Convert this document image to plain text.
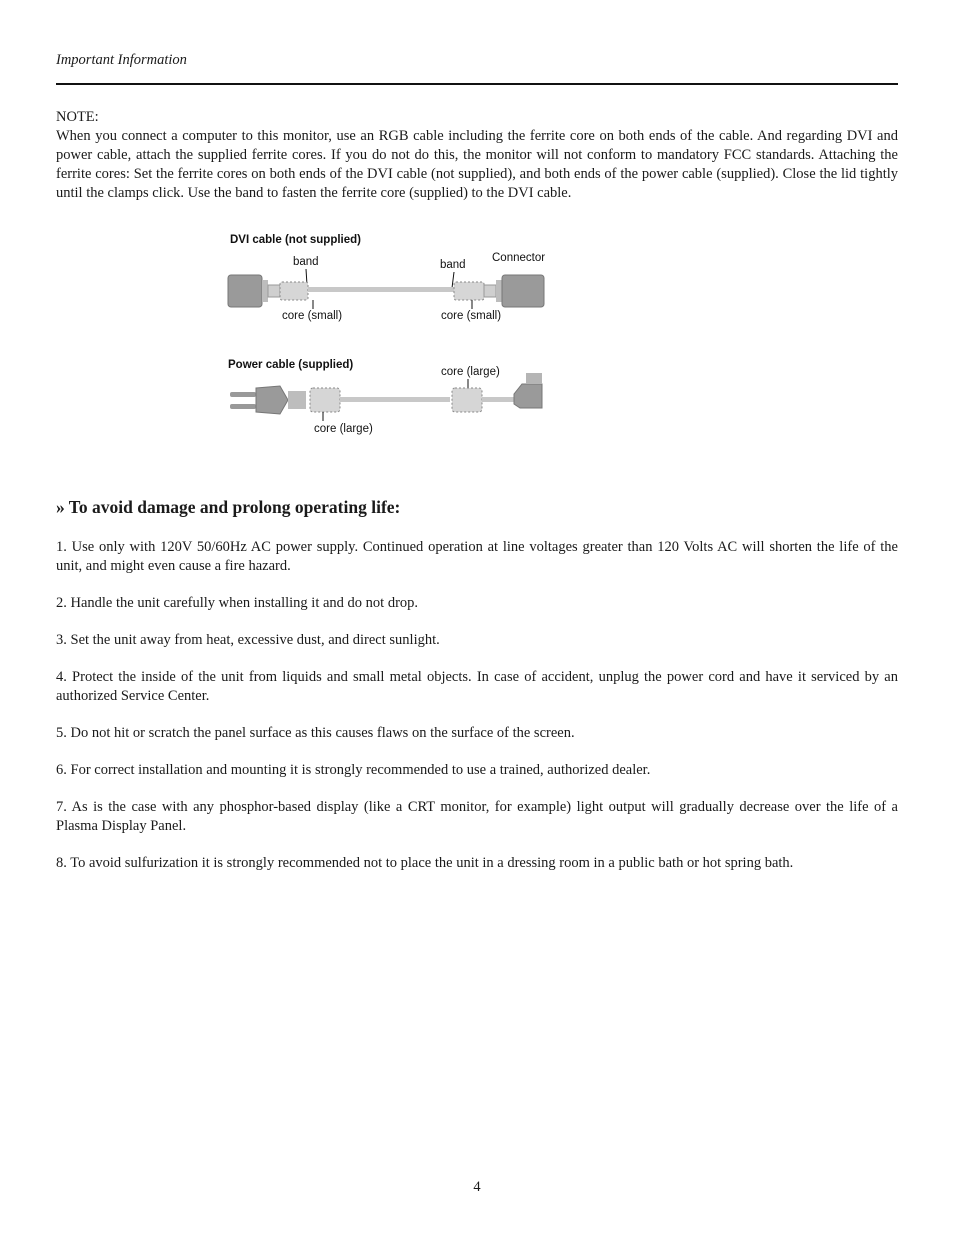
Important Information

NOTE:

When you connect a computer to this monitor, use an RGB cable including the ferrite core on both ends of the cable. And regarding DVI and power cable, attach the supplied ferrite cores. If you do not do this, the monitor will not conform to mandatory FCC standards. Attaching the ferrite cores: Set the ferrite cores on both ends of the DVI cable (not supplied), and both ends of the power cable (supplied). Close the lid tightly until the clamps click. Use the band to fasten the ferrite core (supplied) to the DVI cable.

DVI cable (not supplied)
band	band
Connector
core (small)	core (small)
Power cable (supplied)
core (large)
core (large)
» To avoid damage and prolong operating life:

1. Use only with 120V 50/60Hz AC power supply. Continued operation at line voltages greater than 120 Volts AC will shorten the life of the unit, and might even cause a fire hazard.

2. Handle the unit carefully when installing it and do not drop.

3. Set the unit away from heat, excessive dust, and direct sunlight.

4. Protect the inside of the unit from liquids and small metal objects. In case of accident, unplug the power cord and have it serviced by an authorized Service Center.

5. Do not hit or scratch the panel surface as this causes flaws on the surface of the screen.

6. For correct installation and mounting it is strongly recommended to use a trained, authorized dealer.

7. As is the case with any phosphor-based display (like a CRT monitor, for example) light output will gradually decrease over the life of a Plasma Display Panel.

8. To avoid sulfurization it is strongly recommended not to place the unit in a dressing room in a public bath or hot spring bath.

4
